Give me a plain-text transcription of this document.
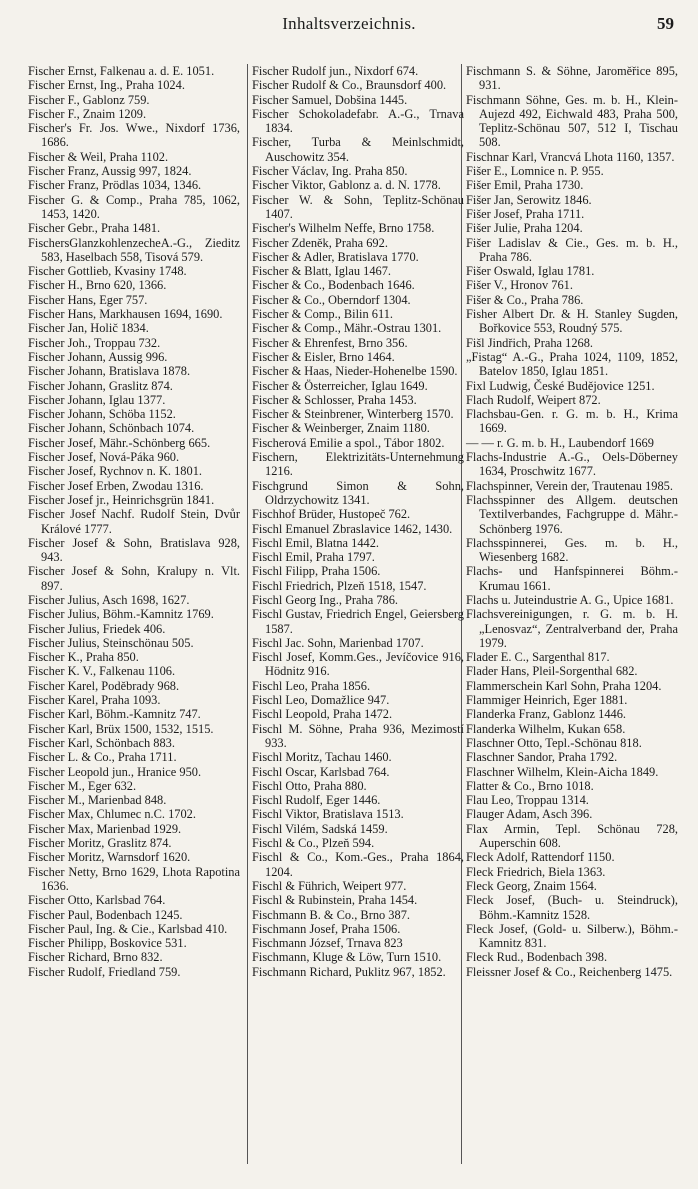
Inhaltsverzeichnis.	59
Fischer Ernst, Falkenau a. d. E. 1051.
Fischer Ernst, Ing., Praha 1024.
Fischer F., Gablonz 759.
Fischer F., Znaim 1209.
Fischer's Fr. Jos. Wwe., Nixdorf 1736, 1686.
Fischer & Weil, Praha 1102.
Fischer Franz, Aussig 997, 1824.
Fischer Franz, Prödlas 1034, 1346.
Fischer G. & Comp., Praha 785, 1062, 1453, 1420.
Fischer Gebr., Praha 1481.
FischersGlanzkohlenzecheA.-G., Zieditz 583, Haselbach 558, Tisová 579.
Fischer Gottlieb, Kvasiny 1748.
Fischer H., Brno 620, 1366.
Fischer Hans, Eger 757.
Fischer Hans, Markhausen 1694, 1690.
Fischer Jan, Holič 1834.
Fischer Joh., Troppau 732.
Fischer Johann, Aussig 996.
Fischer Johann, Bratislava 1878.
Fischer Johann, Graslitz 874.
Fischer Johann, Iglau 1377.
Fischer Johann, Schöba 1152.
Fischer Johann, Schönbach 1074.
Fischer Josef, Mähr.-Schönberg 665.
Fischer Josef, Nová-Páka 960.
Fischer Josef, Rychnov n. K. 1801.
Fischer Josef Erben, Zwodau 1316.
Fischer Josef jr., Heinrichsgrün 1841.
Fischer Josef Nachf. Rudolf Stein, Dvůr Králové 1777.
Fischer Josef & Sohn, Bratislava 928, 943.
Fischer Josef & Sohn, Kralupy n. Vlt. 897.
Fischer Julius, Asch 1698, 1627.
Fischer Julius, Böhm.-Kamnitz 1769.
Fischer Julius, Friedek 406.
Fischer Julius, Steinschönau 505.
Fischer K., Praha 850.
Fischer K. V., Falkenau 1106.
Fischer Karel, Poděbrady 968.
Fischer Karel, Praha 1093.
Fischer Karl, Böhm.-Kamnitz 747.
Fischer Karl, Brüx 1500, 1532, 1515.
Fischer Karl, Schönbach 883.
Fischer L. & Co., Praha 1711.
Fischer Leopold jun., Hranice 950.
Fischer M., Eger 632.
Fischer M., Marienbad 848.
Fischer Max, Chlumec n.C. 1702.
Fischer Max, Marienbad 1929.
Fischer Moritz, Graslitz 874.
Fischer Moritz, Warnsdorf 1620.
Fischer Netty, Brno 1629, Lhota Rapotina 1636.
Fischer Otto, Karlsbad 764.
Fischer Paul, Bodenbach 1245.
Fischer Paul, Ing. & Cie., Karlsbad 410.
Fischer Philipp, Boskovice 531.
Fischer Richard, Brno 832.
Fischer Rudolf, Friedland 759.
Fischer Rudolf jun., Nixdorf 674.
Fischer Rudolf & Co., Braunsdorf 400.
Fischer Samuel, Dobšina 1445.
Fischer Schokoladefabr. A.-G., Trnava 1834.
Fischer, Turba & Meinlschmidt, Auschowitz 354.
Fischer Václav, Ing. Praha 850.
Fischer Viktor, Gablonz a. d. N. 1778.
Fischer W. & Sohn, Teplitz-Schönau 1407.
Fischer's Wilhelm Neffe, Brno 1758.
Fischer Zdeněk, Praha 692.
Fischer & Adler, Bratislava 1770.
Fischer & Blatt, Iglau 1467.
Fischer & Co., Bodenbach 1646.
Fischer & Co., Oberndorf 1304.
Fischer & Comp., Bilin 611.
Fischer & Comp., Mähr.-Ostrau 1301.
Fischer & Ehrenfest, Brno 356.
Fischer & Eisler, Brno 1464.
Fischer & Haas, Nieder-Hohenelbe 1590.
Fischer & Österreicher, Iglau 1649.
Fischer & Schlosser, Praha 1453.
Fischer & Steinbrener, Winterberg 1570.
Fischer & Weinberger, Znaim 1180.
Fischerová Emilie a spol., Tábor 1802.
Fischern, Elektrizitäts-Unternehmung 1216.
Fischgrund Simon & Sohn, Oldrzychowitz 1341.
Fischhof Brüder, Hustopeč 762.
Fischl Emanuel Zbraslavice 1462, 1430.
Fischl Emil, Blatna 1442.
Fischl Emil, Praha 1797.
Fischl Filipp, Praha 1506.
Fischl Friedrich, Plzeň 1518, 1547.
Fischl Georg Ing., Praha 786.
Fischl Gustav, Friedrich Engel, Geiersberg 1587.
Fischl Jac. Sohn, Marienbad 1707.
Fischl Josef, Komm.Ges., Jevíčovice 916, Hödnitz 916.
Fischl Leo, Praha 1856.
Fischl Leo, Domažlice 947.
Fischl Leopold, Praha 1472.
Fischl M. Söhne, Praha 936, Mezimostí 933.
Fischl Moritz, Tachau 1460.
Fischl Oscar, Karlsbad 764.
Fischl Otto, Praha 880.
Fischl Rudolf, Eger 1446.
Fischl Viktor, Bratislava 1513.
Fischl Vilém, Sadská 1459.
Fischl & Co., Plzeň 594.
Fischl & Co., Kom.-Ges., Praha 1864, 1204.
Fischl & Führich, Weipert 977.
Fischl & Rubinstein, Praha 1454.
Fischmann B. & Co., Brno 387.
Fischmann Josef, Praha 1506.
Fischmann József, Trnava 823
Fischmann, Kluge & Löw, Turn 1510.
Fischmann Richard, Puklitz 967, 1852.
Fischmann S. & Söhne, Jaroměřice 895, 931.
Fischmann Söhne, Ges. m. b. H., Klein-Aujezd 492, Eichwald 483, Praha 500, Teplitz-Schönau 507, 512 I, Tischau 508.
Fischnar Karl, Vrancvá Lhota 1160, 1357.
Fišer E., Lomnice n. P. 955.
Fišer Emil, Praha 1730.
Fišer Jan, Serowitz 1846.
Fišer Josef, Praha 1711.
Fišer Julie, Praha 1204.
Fišer Ladislav & Cie., Ges. m. b. H., Praha 786.
Fišer Oswald, Iglau 1781.
Fišer V., Hronov 761.
Fišer & Co., Praha 786.
Fisher Albert Dr. & H. Stanley Sugden, Bořkovice 553, Roudný 575.
Fišl Jindřich, Praha 1268.
„Fistag“ A.-G., Praha 1024, 1109, 1852, Batelov 1850, Iglau 1851.
Fixl Ludwig, České Budějovice 1251.
Flach Rudolf, Weipert 872.
Flachsbau-Gen. r. G. m. b. H., Krima 1669.
— — r. G. m. b. H., Laubendorf 1669
Flachs-Industrie A.-G., Oels-Döberney 1634, Proschwitz 1677.
Flachspinner, Verein der, Trautenau 1985.
Flachsspinner des Allgem. deutschen Textilverbandes, Fachgruppe d. Mähr.-Schönberg 1976.
Flachsspinnerei, Ges. m. b. H., Wiesenberg 1682.
Flachs- und Hanfspinnerei Böhm.-Krumau 1661.
Flachs u. Juteindustrie A. G., Upice 1681.
Flachsvereinigungen, r. G. m. b. H. „Lenosvaz“, Zentralverband der, Praha 1979.
Flader E. C., Sargenthal 817.
Flader Hans, Pleil-Sorgenthal 682.
Flammerschein Karl Sohn, Praha 1204.
Flammiger Heinrich, Eger 1881.
Flanderka Franz, Gablonz 1446.
Flanderka Wilhelm, Kukan 658.
Flaschner Otto, Tepl.-Schönau 818.
Flaschner Sandor, Praha 1792.
Flaschner Wilhelm, Klein-Aicha 1849.
Flatter & Co., Brno 1018.
Flau Leo, Troppau 1314.
Flauger Adam, Asch 396.
Flax Armin, Tepl. Schönau 728, Auperschin 608.
Fleck Adolf, Rattendorf 1150.
Fleck Friedrich, Biela 1363.
Fleck Georg, Znaim 1564.
Fleck Josef, (Buch- u. Steindruck), Böhm.-Kamnitz 1528.
Fleck Josef, (Gold- u. Silberw.), Böhm.-Kamnitz 831.
Fleck Rud., Bodenbach 398.
Fleissner Josef & Co., Reichenberg 1475.
